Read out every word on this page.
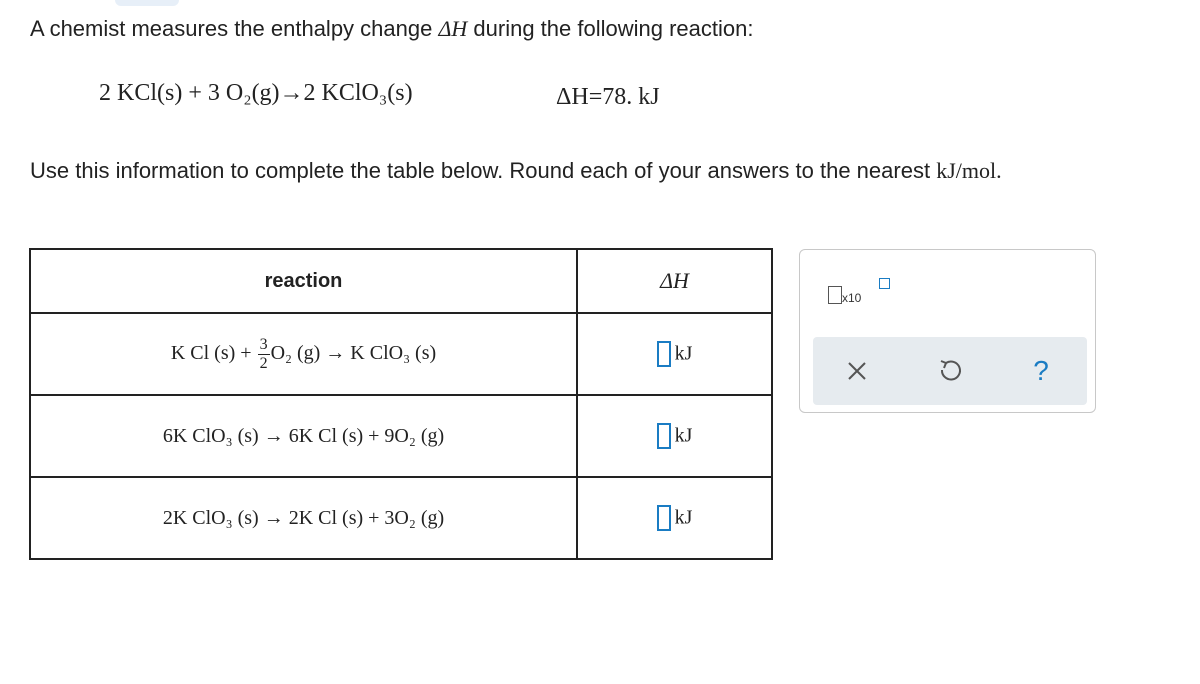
A chemist measures the enthalpy change ΔH during the following reaction:
2 KCl(s) + 3 O₂(g)→2 KClO₃(s)	ΔH=78. kJ
Use this information to complete the table below. Round each of your answers to the nearest kJ/mol.
reaction	ΔH
K Cl $(s) + \frac{3}{2} O_2$ (g) → K ClO₃ (s)	kJ
6K ClO₃ (s) → 6K Cl (s) + 9O₂ (g)	kJ
2K ClO₃ (s) → 2K Cl (s) + 3O₂ (g)	kJ
x10
?
